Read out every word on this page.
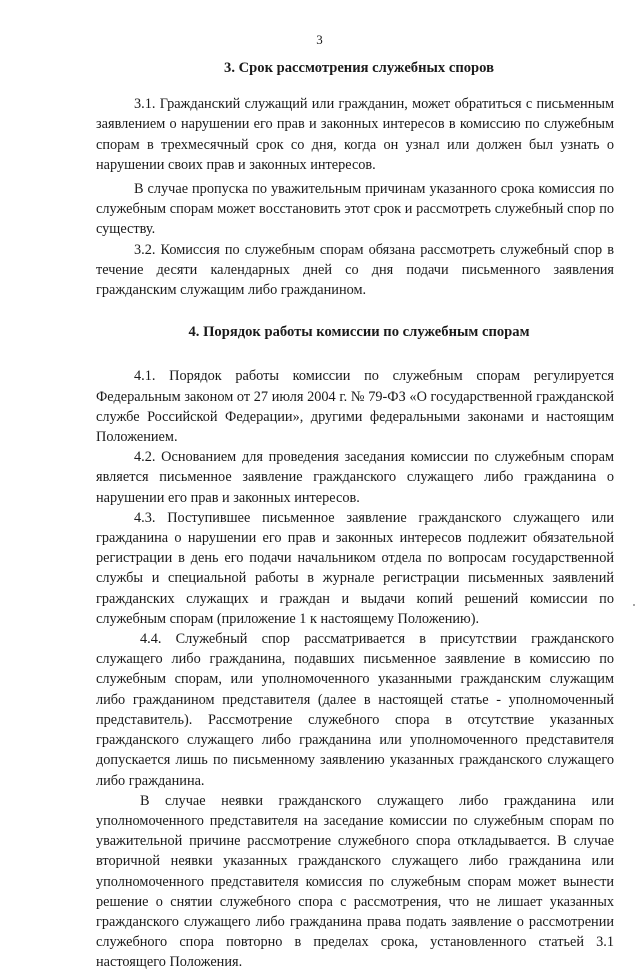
3
3. Срок рассмотрения служебных споров

3.1. Гражданский служащий или гражданин, может обратиться с письменным заявлением о нарушении его прав и законных интересов в комиссию по служебным спорам в трехмесячный срок со дня, когда он узнал или должен был узнать о нарушении своих прав и законных интересов.

В случае пропуска по уважительным причинам указанного срока комиссия по служебным спорам может восстановить этот срок и рассмотреть служебный спор по существу.

3.2. Комиссия по служебным спорам обязана рассмотреть служебный спор в течение десяти календарных дней со дня подачи письменного заявления гражданским служащим либо гражданином.

4. Порядок работы комиссии по служебным спорам

4.1. Порядок работы комиссии по служебным спорам регулируется Федеральным законом от 27 июля 2004 г. № 79-ФЗ «О государственной гражданской службе Российской Федерации», другими федеральными законами и настоящим Положением.

4.2. Основанием для проведения заседания комиссии по служебным спорам является письменное заявление гражданского служащего либо гражданина о нарушении его прав и законных интересов.

4.3. Поступившее письменное заявление гражданского служащего или гражданина о нарушении его прав и законных интересов подлежит обязательной регистрации в день его подачи начальником отдела по вопросам государственной службы и специальной работы в журнале регистрации письменных заявлений гражданских служащих и граждан и выдачи копий решений комиссии по служебным спорам (приложение 1 к настоящему Положению).

4.4. Служебный спор рассматривается в присутствии гражданского служащего либо гражданина, подавших письменное заявление в комиссию по служебным спорам, или уполномоченного указанными гражданским служащим либо гражданином представителя (далее в настоящей статье - уполномоченный представитель). Рассмотрение служебного спора в отсутствие указанных гражданского служащего либо гражданина или уполномоченного представителя допускается лишь по письменному заявлению указанных гражданского служащего либо гражданина.

В случае неявки гражданского служащего либо гражданина или уполномоченного представителя на заседание комиссии по служебным спорам по уважительной причине рассмотрение служебного спора откладывается. В случае вторичной неявки указанных гражданского служащего либо гражданина или уполномоченного представителя комиссия по служебным спорам может вынести решение о снятии служебного спора с рассмотрения, что не лишает указанных гражданского служащего либо гражданина права подать заявление о рассмотрении служебного спора повторно в пределах срока, установленного статьей 3.1 настоящего Положения.
